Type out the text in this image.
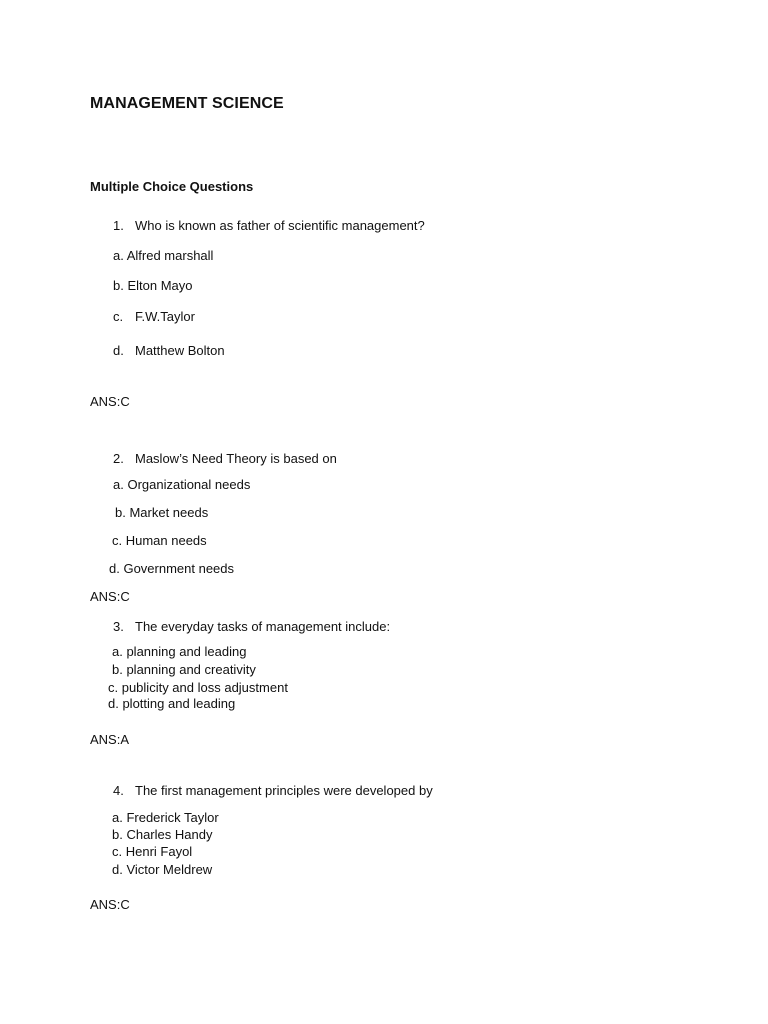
MANAGEMENT SCIENCE
Multiple Choice Questions
1. Who is known as father of scientific management?
a. Alfred marshall
b. Elton Mayo
c. F.W.Taylor
d. Matthew Bolton
ANS:C
2. Maslow’s Need Theory is based on
a. Organizational needs
b. Market needs
c. Human needs
d. Government needs
ANS:C
3. The everyday tasks of management include:
a. planning and leading
b. planning and creativity
c. publicity and loss adjustment
d. plotting and leading
ANS:A
4. The first management principles were developed by
a. Frederick Taylor
b. Charles Handy
c. Henri Fayol
d. Victor Meldrew
ANS:C
